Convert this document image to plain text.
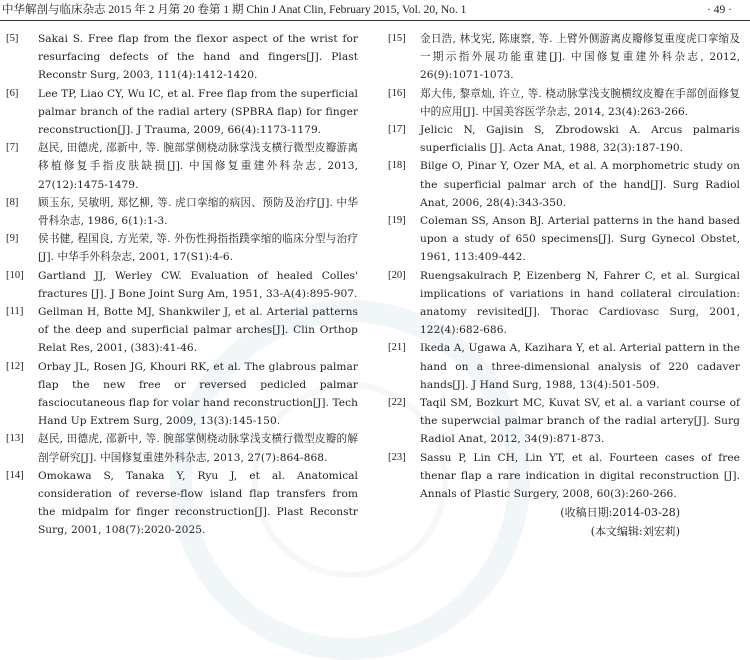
中华解剖与临床杂志 2015 年 2 月第 20 卷第 1 期 Chin J Anat Clin, February 2015, Vol. 20, No. 1	· 49 ·
[5]	Sakai S. Free flap from the flexor aspect of the wrist for resurfacing defects of the hand and fingers[J]. Plast Reconstr Surg, 2003, 111(4):1412-1420.
[6]	Lee TP, Liao CY, Wu IC, et al. Free flap from the superficial palmar branch of the radial artery (SPBRA flap) for finger reconstruction[J]. J Trauma, 2009, 66(4):1173-1179.
[7]	赵民, 田德虎, 邵新中, 等. 腕部掌侧桡动脉掌浅支横行微型皮瓣游离移植修复手指皮肤缺损[J]. 中国修复重建外科杂志, 2013, 27(12):1475-1479.
[8]	顾玉东, 吴敏明, 郑忆柳, 等. 虎口挛缩的病因、预防及治疗[J]. 中华骨科杂志, 1986, 6(1):1-3.
[9]	侯书健, 程国良, 方光荣, 等. 外伤性拇指指蹼挛缩的临床分型与治疗[J]. 中华手外科杂志, 2001, 17(S1):4-6.
[10]	Gartland JJ, Werley CW. Evaluation of healed Colles' fractures [J]. J Bone Joint Surg Am, 1951, 33-A(4):895-907.
[11]	Gellman H, Botte MJ, Shankwiler J, et al. Arterial patterns of the deep and superficial palmar arches[J]. Clin Orthop Relat Res, 2001, (383):41-46.
[12]	Orbay JL, Rosen JG, Khouri RK, et al. The glabrous palmar flap the new free or reversed pedicled palmar fasciocutaneous flap for volar hand reconstruction[J]. Tech Hand Up Extrem Surg, 2009, 13(3):145-150.
[13]	赵民, 田德虎, 邵新中, 等. 腕部掌侧桡动脉掌浅支横行微型皮瓣的解剖学研究[J]. 中国修复重建外科杂志, 2013, 27(7):864-868.
[14]	Omokawa S, Tanaka Y, Ryu J, et al. Anatomical consideration of reverse-flow island flap transfers from the midpalm for finger reconstruction[J]. Plast Reconstr Surg, 2001, 108(7):2020-2025.
[15]	金日浩, 林戈宪, 陈康察, 等. 上臂外侧游离皮瓣修复重度虎口挛缩及一期示指外展功能重建[J]. 中国修复重建外科杂志, 2012, 26(9):1071-1073.
[16]	郑大伟, 黎章灿, 许立, 等. 桡动脉掌浅支腕横纹皮瓣在手部创面修复中的应用[J]. 中国美容医学杂志, 2014, 23(4):263-266.
[17]	Jelicic N, Gajisin S, Zbrodowski A. Arcus palmaris superficialis [J]. Acta Anat, 1988, 32(3):187-190.
[18]	Bilge O, Pinar Y, Ozer MA, et al. A morphometric study on the superficial palmar arch of the hand[J]. Surg Radiol Anat, 2006, 28(4):343-350.
[19]	Coleman SS, Anson BJ. Arterial patterns in the hand based upon a study of 650 specimens[J]. Surg Gynecol Obstet, 1961, 113:409-442.
[20]	Ruengsakulrach P, Eizenberg N, Fahrer C, et al. Surgical implications of variations in hand collateral circulation: anatomy revisited[J]. Thorac Cardiovasc Surg, 2001, 122(4):682-686.
[21]	Ikeda A, Ugawa A, Kazihara Y, et al. Arterial pattern in the hand on a three-dimensional analysis of 220 cadaver hands[J]. J Hand Surg, 1988, 13(4):501-509.
[22]	Taqil SM, Bozkurt MC, Kuvat SV, et al. a variant course of the superwcial palmar branch of the radial artery[J]. Surg Radiol Anat, 2012, 34(9):871-873.
[23]	Sassu P, Lin CH, Lin YT, et al. Fourteen cases of free thenar flap a rare indication in digital reconstruction [J]. Annals of Plastic Surgery, 2008, 60(3):260-266.
(收稿日期:2014-03-28)
(本文编辑:刘宏莉)
